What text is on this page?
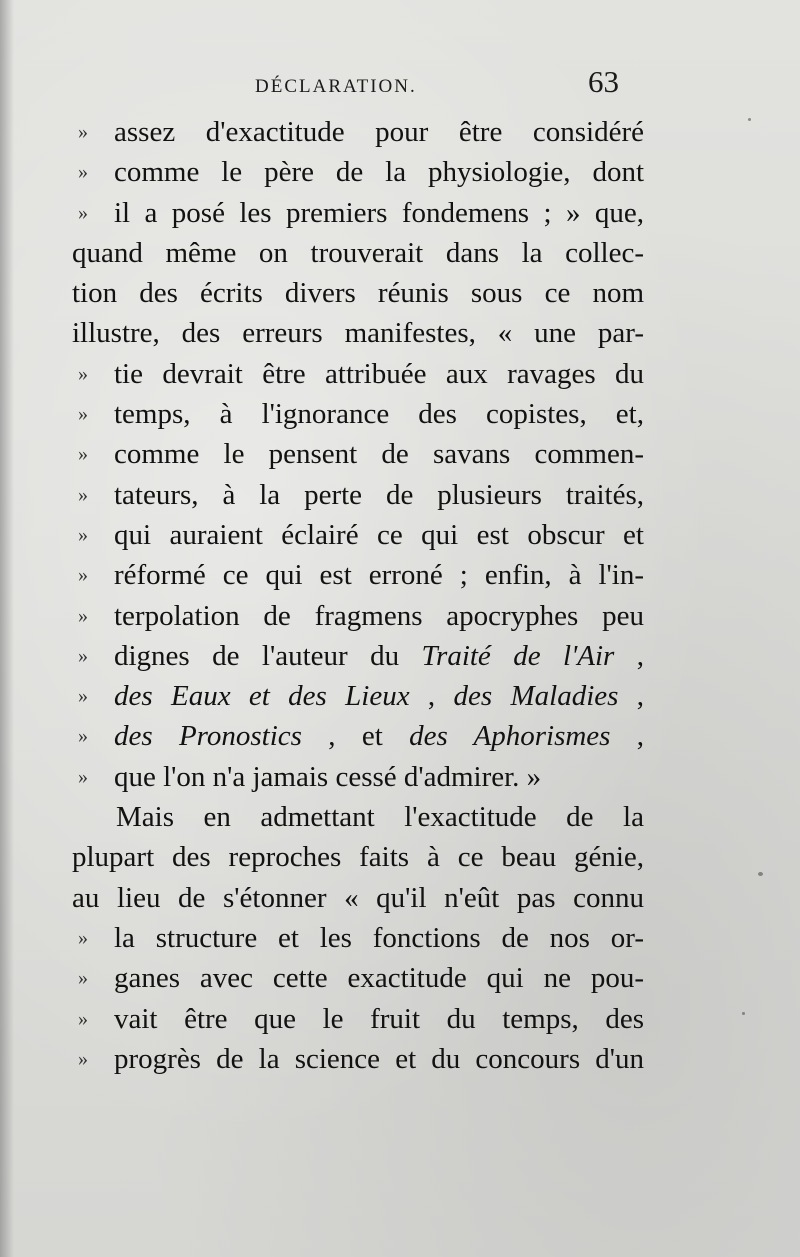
DÉCLARATION.	63
» assez d'exactitude pour être considéré
» comme le père de la physiologie, dont
» il a posé les premiers fondemens ; » que,
quand même on trouverait dans la collec-
tion des écrits divers réunis sous ce nom
illustre, des erreurs manifestes, « une par-
» tie devrait être attribuée aux ravages du
» temps, à l'ignorance des copistes, et,
» comme le pensent de savans commen-
» tateurs, à la perte de plusieurs traités,
» qui auraient éclairé ce qui est obscur et
» réformé ce qui est erroné ; enfin, à l'in-
» terpolation de fragmens apocryphes peu
» dignes de l'auteur du Traité de l'Air ,
» des Eaux et des Lieux , des Maladies ,
» des Pronostics , et des Aphorismes ,
» que l'on n'a jamais cessé d'admirer. »
Mais en admettant l'exactitude de la
plupart des reproches faits à ce beau génie,
au lieu de s'étonner « qu'il n'eût pas connu
» la structure et les fonctions de nos or-
» ganes avec cette exactitude qui ne pou-
» vait être que le fruit du temps, des
» progrès de la science et du concours d'un
